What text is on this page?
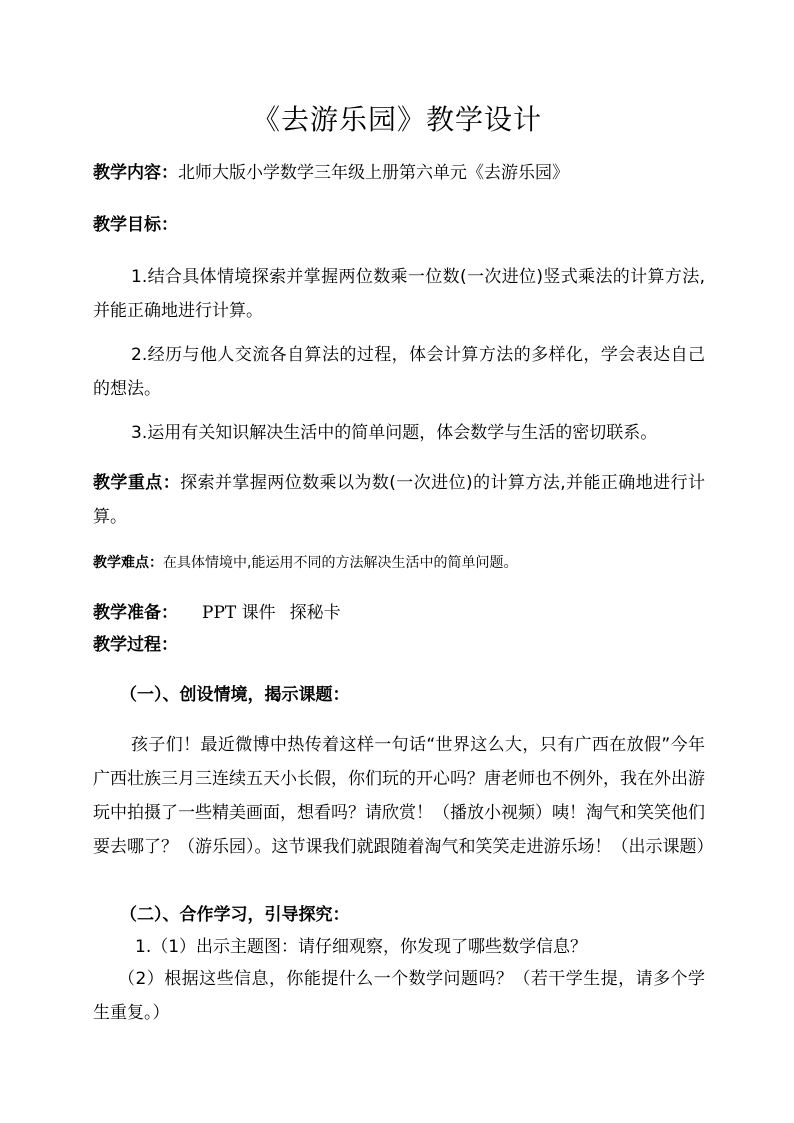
《去游乐园》教学设计
教学内容：北师大版小学数学三年级上册第六单元《去游乐园》
教学目标：
1.结合具体情境探索并掌握两位数乘一位数(一次进位)竖式乘法的计算方法,并能正确地进行计算。
2.经历与他人交流各自算法的过程，体会计算方法的多样化，学会表达自己的想法。
3.运用有关知识解决生活中的简单问题，体会数学与生活的密切联系。
教学重点：探索并掌握两位数乘以为数(一次进位)的计算方法,并能正确地进行计算。
教学难点：在具体情境中,能运用不同的方法解决生活中的简单问题。
教学准备： PPT 课件 探秘卡
教学过程：
（一）、创设情境，揭示课题：
孩子们！最近微博中热传着这样一句话“世界这么大，只有广西在放假”今年广西壮族三月三连续五天小长假，你们玩的开心吗？唐老师也不例外，我在外出游玩中拍摄了一些精美画面，想看吗？请欣赏！（播放小视频）咦！淘气和笑笑他们要去哪了？（游乐园）。这节课我们就跟随着淘气和笑笑走进游乐场！（出示课题）
（二）、合作学习，引导探究：
1.（1）出示主题图：请仔细观察，你发现了哪些数学信息？
（2）根据这些信息，你能提什么一个数学问题吗？（若干学生提，请多个学生重复。）
